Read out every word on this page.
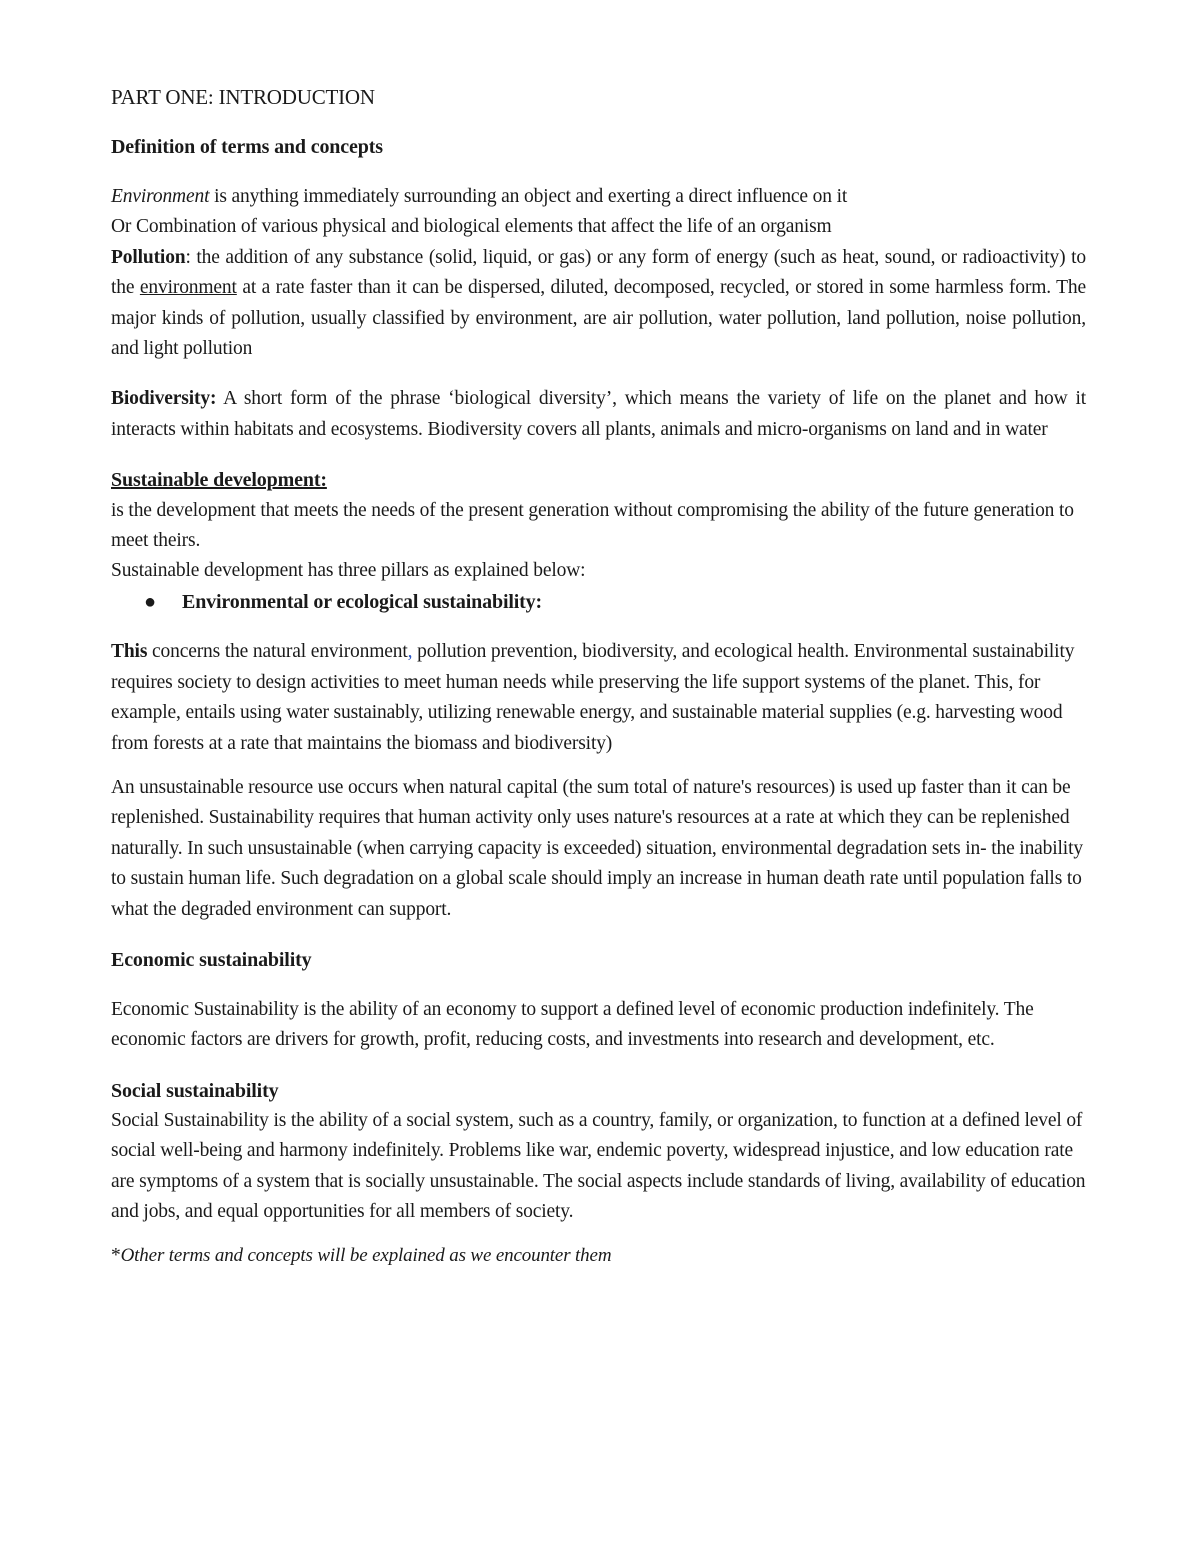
PART ONE: INTRODUCTION

Definition of terms and concepts

Environment is anything immediately surrounding an object and exerting a direct influence on it

Or Combination of various physical and biological elements that affect the life of an organism

Pollution: the addition of any substance (solid, liquid, or gas) or any form of energy (such as heat, sound, or radioactivity) to the environment at a rate faster than it can be dispersed, diluted, decomposed, recycled, or stored in some harmless form. The major kinds of pollution, usually classified by environment, are air pollution, water pollution, land pollution, noise pollution, and light pollution

Biodiversity: A short form of the phrase ‘biological diversity’, which means the variety of life on the planet and how it interacts within habitats and ecosystems. Biodiversity covers all plants, animals and micro-organisms on land and in water

Sustainable development:

is the development that meets the needs of the present generation without compromising the ability of the future generation to meet theirs.

Sustainable development has three pillars as explained below:

●	Environmental or ecological sustainability:

This concerns the natural environment, pollution prevention, biodiversity, and ecological health. Environmental sustainability requires society to design activities to meet human needs while preserving the life support systems of the planet. This, for example, entails using water sustainably, utilizing renewable energy, and sustainable material supplies (e.g. harvesting wood from forests at a rate that maintains the biomass and biodiversity)

An unsustainable resource use occurs when natural capital (the sum total of nature's resources) is used up faster than it can be replenished. Sustainability requires that human activity only uses nature's resources at a rate at which they can be replenished naturally. In such unsustainable (when carrying capacity is exceeded) situation, environmental degradation sets in- the inability to sustain human life. Such degradation on a global scale should imply an increase in human death rate until population falls to what the degraded environment can support.

Economic sustainability

Economic Sustainability is the ability of an economy to support a defined level of economic production indefinitely. The economic factors are drivers for growth, profit, reducing costs, and investments into research and development, etc.

Social sustainability

Social Sustainability is the ability of a social system, such as a country, family, or organization, to function at a defined level of social well-being and harmony indefinitely. Problems like war, endemic poverty, widespread injustice, and low education rate are symptoms of a system that is socially unsustainable. The social aspects include standards of living, availability of education and jobs, and equal opportunities for all members of society.

*Other terms and concepts will be explained as we encounter them
